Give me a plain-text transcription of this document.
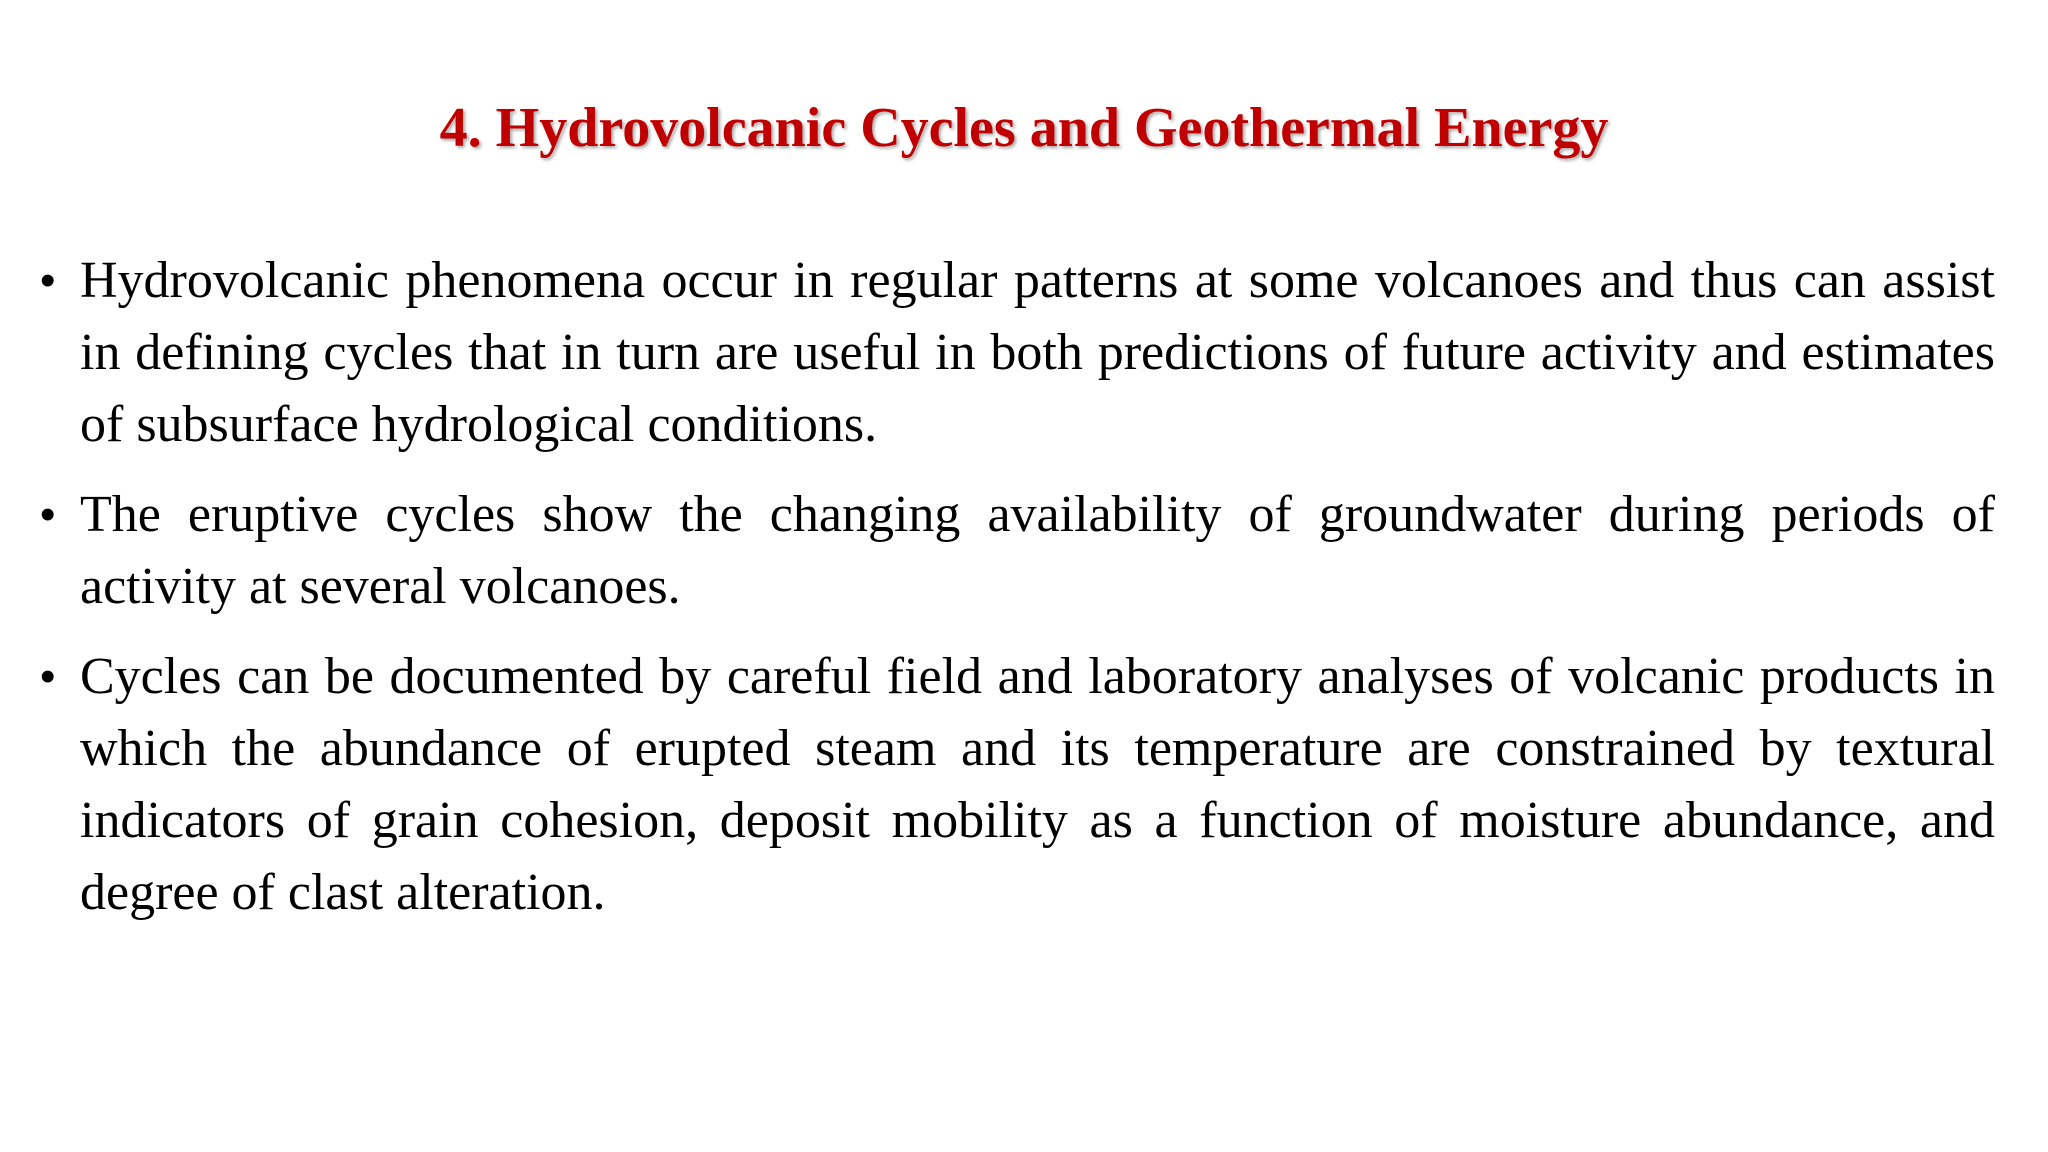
4. Hydrovolcanic Cycles and Geothermal Energy
• Hydrovolcanic phenomena occur in regular patterns at some volcanoes and thus can assist in defining cycles that in turn are useful in both predictions of future activity and estimates of subsurface hydrological conditions.
• The eruptive cycles show the changing availability of groundwater during periods of activity at several volcanoes.
• Cycles can be documented by careful field and laboratory analyses of volcanic products in which the abundance of erupted steam and its temperature are constrained by textural indicators of grain cohesion, deposit mobility as a function of moisture abundance, and degree of clast alteration.
